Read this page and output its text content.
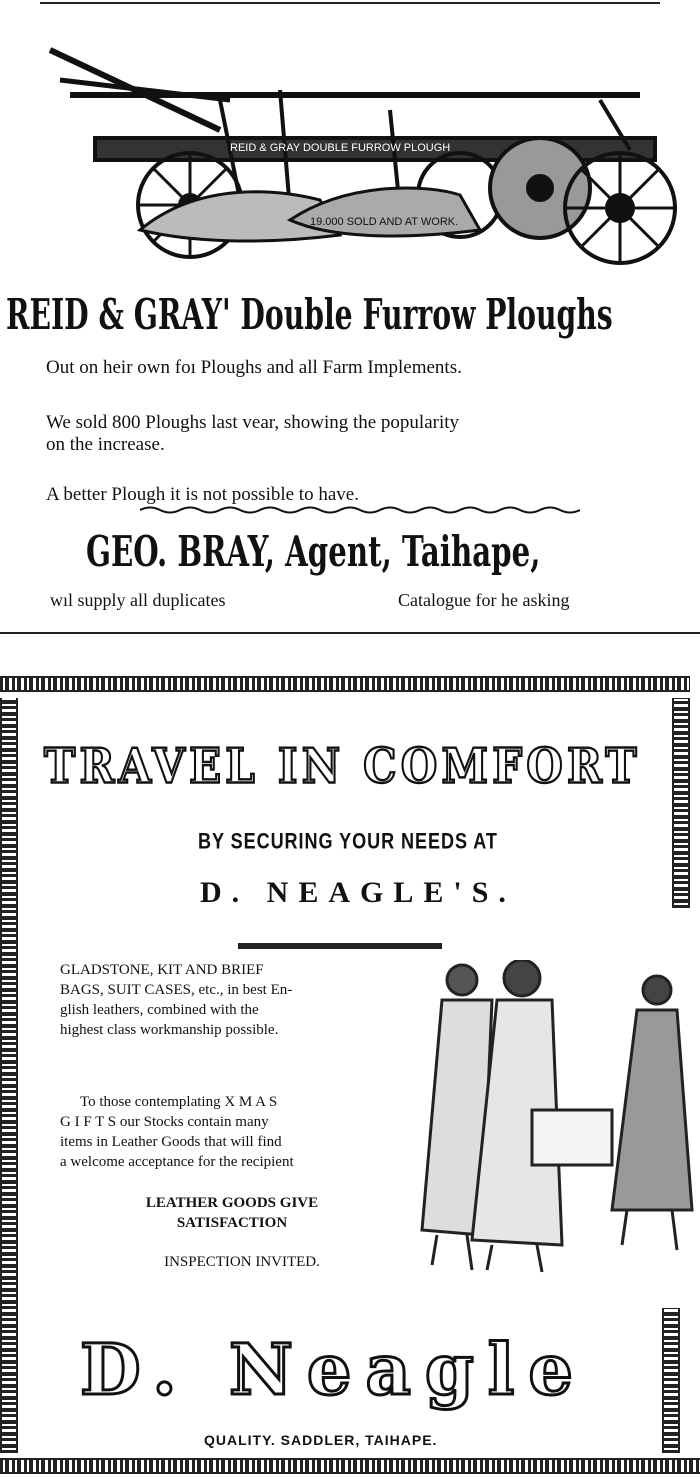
REID & GRAY DOUBLE FURROW PLOUGH
19.000 SOLD AND AT WORK.
REID & GRAY' Double Furrow Ploughs
Out on heir own foı Ploughs and all Farm Implements.
We sold 800 Ploughs last vear, showing the popularity
on the increase.
A better Plough it is not possible to have.
GEO. BRAY, Agent, Taihape,
wıl supply all duplicates	Catalogue for he asking
TRAVEL IN COMFORT
BY SECURING YOUR NEEDS AT
D. NEAGLE'S.
GLADSTONE, KIT AND BRIEF
BAGS, SUIT CASES, etc., in best En-
glish leathers, combined with the
highest class workmanship possible.
To those contemplating X M A S
G I F T S our Stocks contain many
items in Leather Goods that will find
a welcome acceptance for the recipient
LEATHER GOODS GIVE
SATISFACTION
INSPECTION INVITED.
D. Neagle
QUALITY. SADDLER, TAIHAPE.
